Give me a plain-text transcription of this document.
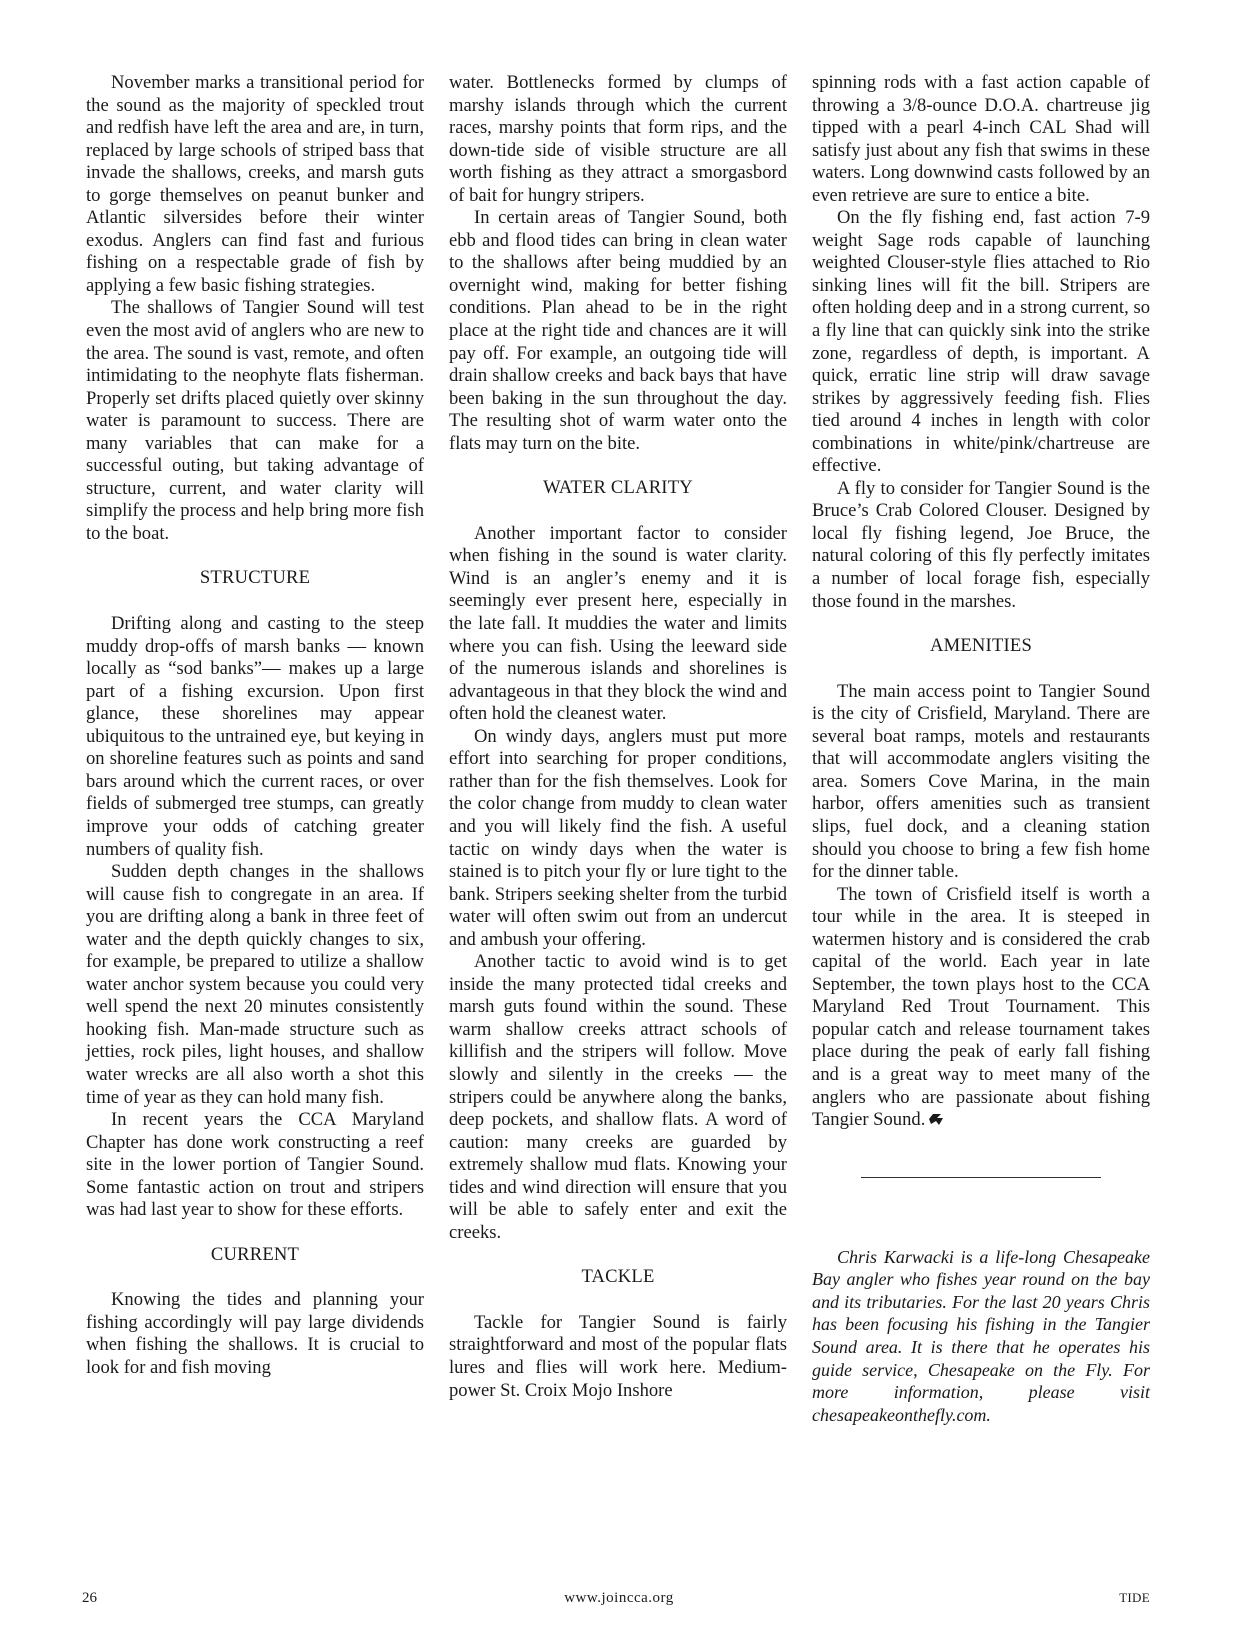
November marks a transitional period for the sound as the majority of speckled trout and redfish have left the area and are, in turn, replaced by large schools of striped bass that invade the shallows, creeks, and marsh guts to gorge themselves on peanut bunker and Atlantic silversides before their winter exodus. Anglers can find fast and furious fishing on a respectable grade of fish by applying a few basic fishing strategies.

The shallows of Tangier Sound will test even the most avid of anglers who are new to the area. The sound is vast, remote, and often intimidating to the neophyte flats fisherman. Properly set drifts placed quietly over skinny water is paramount to success. There are many variables that can make for a successful outing, but taking advantage of structure, current, and water clarity will simplify the process and help bring more fish to the boat.

STRUCTURE

Drifting along and casting to the steep muddy drop-offs of marsh banks — known locally as “sod banks”— makes up a large part of a fishing excursion. Upon first glance, these shorelines may appear ubiquitous to the untrained eye, but keying in on shoreline features such as points and sand bars around which the current races, or over fields of submerged tree stumps, can greatly improve your odds of catching greater numbers of quality fish.

Sudden depth changes in the shallows will cause fish to congregate in an area. If you are drifting along a bank in three feet of water and the depth quickly changes to six, for example, be prepared to utilize a shallow water anchor system because you could very well spend the next 20 minutes consistently hooking fish. Man-made structure such as jetties, rock piles, light houses, and shallow water wrecks are all also worth a shot this time of year as they can hold many fish.

In recent years the CCA Maryland Chapter has done work constructing a reef site in the lower portion of Tangier Sound. Some fantastic action on trout and stripers was had last year to show for these efforts.

CURRENT

Knowing the tides and planning your fishing accordingly will pay large dividends when fishing the shallows. It is crucial to look for and fish moving

water. Bottlenecks formed by clumps of marshy islands through which the current races, marshy points that form rips, and the down-tide side of visible structure are all worth fishing as they attract a smorgasbord of bait for hungry stripers.

In certain areas of Tangier Sound, both ebb and flood tides can bring in clean water to the shallows after being muddied by an overnight wind, making for better fishing conditions. Plan ahead to be in the right place at the right tide and chances are it will pay off. For example, an outgoing tide will drain shallow creeks and back bays that have been baking in the sun throughout the day. The resulting shot of warm water onto the flats may turn on the bite.

WATER CLARITY

Another important factor to consider when fishing in the sound is water clarity. Wind is an angler’s enemy and it is seemingly ever present here, especially in the late fall. It muddies the water and limits where you can fish. Using the leeward side of the numerous islands and shorelines is advantageous in that they block the wind and often hold the cleanest water.

On windy days, anglers must put more effort into searching for proper conditions, rather than for the fish themselves. Look for the color change from muddy to clean water and you will likely find the fish. A useful tactic on windy days when the water is stained is to pitch your fly or lure tight to the bank. Stripers seeking shelter from the turbid water will often swim out from an undercut and ambush your offering.

Another tactic to avoid wind is to get inside the many protected tidal creeks and marsh guts found within the sound. These warm shallow creeks attract schools of killifish and the stripers will follow. Move slowly and silently in the creeks — the stripers could be anywhere along the banks, deep pockets, and shallow flats. A word of caution: many creeks are guarded by extremely shallow mud flats. Knowing your tides and wind direction will ensure that you will be able to safely enter and exit the creeks.

TACKLE

Tackle for Tangier Sound is fairly straightforward and most of the popular flats lures and flies will work here. Medium-power St. Croix Mojo Inshore

spinning rods with a fast action capable of throwing a 3/8-ounce D.O.A. chartreuse jig tipped with a pearl 4-inch CAL Shad will satisfy just about any fish that swims in these waters. Long downwind casts followed by an even retrieve are sure to entice a bite.

On the fly fishing end, fast action 7-9 weight Sage rods capable of launching weighted Clouser-style flies attached to Rio sinking lines will fit the bill. Stripers are often holding deep and in a strong current, so a fly line that can quickly sink into the strike zone, regardless of depth, is important. A quick, erratic line strip will draw savage strikes by aggressively feeding fish. Flies tied around 4 inches in length with color combinations in white/pink/chartreuse are effective.

A fly to consider for Tangier Sound is the Bruce’s Crab Colored Clouser. Designed by local fly fishing legend, Joe Bruce, the natural coloring of this fly perfectly imitates a number of local forage fish, especially those found in the marshes.

AMENITIES

The main access point to Tangier Sound is the city of Crisfield, Maryland. There are several boat ramps, motels and restaurants that will accommodate anglers visiting the area. Somers Cove Marina, in the main harbor, offers amenities such as transient slips, fuel dock, and a cleaning station should you choose to bring a few fish home for the dinner table.

The town of Crisfield itself is worth a tour while in the area. It is steeped in watermen history and is considered the crab capital of the world. Each year in late September, the town plays host to the CCA Maryland Red Trout Tournament. This popular catch and release tournament takes place during the peak of early fall fishing and is a great way to meet many of the anglers who are passionate about fishing Tangier Sound.

Chris Karwacki is a life-long Chesapeake Bay angler who fishes year round on the bay and its tributaries. For the last 20 years Chris has been focusing his fishing in the Tangier Sound area. It is there that he operates his guide service, Chesapeake on the Fly. For more information, please visit chesapeakeonthefly.com.

26	www.joincca.org	TIDE
